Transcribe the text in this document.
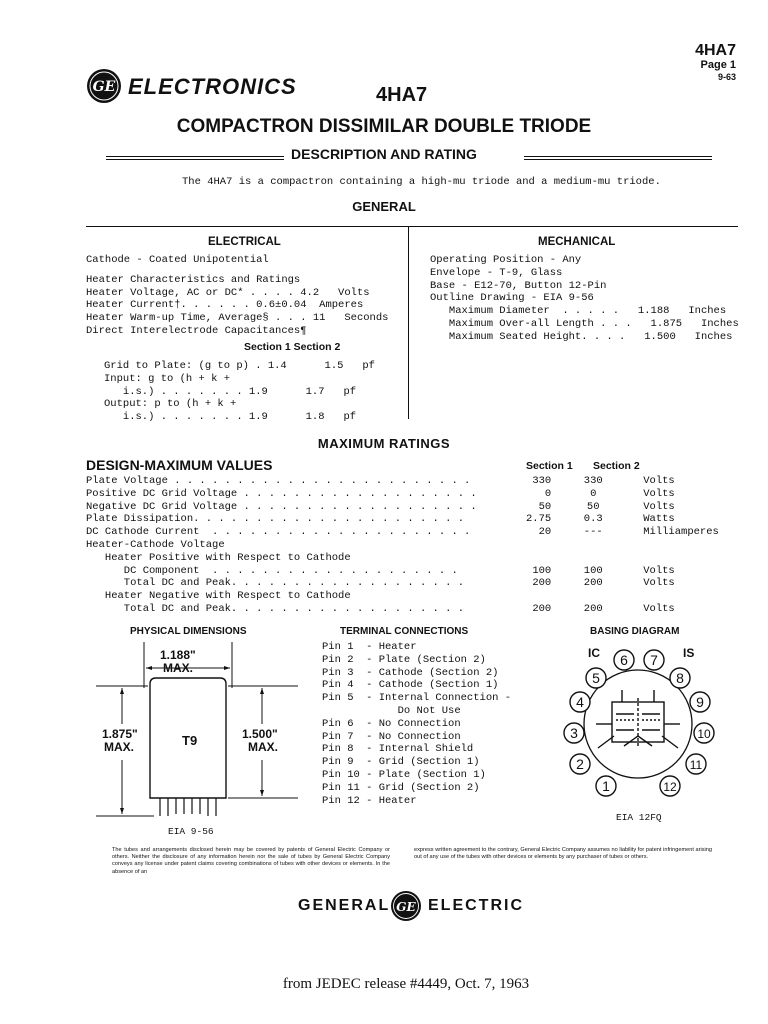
4HA7
Page 1
9-63
GE ELECTRONICS	4HA7
COMPACTRON DISSIMILAR DOUBLE TRIODE
DESCRIPTION AND RATING
The 4HA7 is a compactron containing a high-mu triode and a medium-mu triode.
GENERAL
ELECTRICAL
Cathode - Coated Unipotential
Heater Characteristics and Ratings
Heater Voltage, AC or DC* . . . . 4.2   Volts
Heater Current†. . . . . . 0.6±0.04  Amperes
Heater Warm-up Time, Average§ . . . 11   Seconds
Direct Interelectrode Capacitances¶
Section 1 Section 2
Grid to Plate: (g to p) . 1.4      1.5   pf
Input: g to (h + k +
i.s.) . . . . . . . 1.9      1.7   pf
Output: p to (h + k +
i.s.) . . . . . . . 1.9      1.8   pf
MECHANICAL
Operating Position - Any
Envelope - T-9, Glass
Base - E12-70, Button 12-Pin
Outline Drawing - EIA 9-56
Maximum Diameter  . . . . .   1.188   Inches
Maximum Over-all Length . . .   1.875   Inches
Maximum Seated Height. . . .   1.500   Inches
MAXIMUM RATINGS
DESIGN-MAXIMUM VALUES	Section 1 Section 2
Plate Voltage . . . . . . . . . . . . . . . . . . . . . . . .	330	330	Volts
Positive DC Grid Voltage . . . . . . . . . . . . . . . . . . .	0	0	Volts
Negative DC Grid Voltage . . . . . . . . . . . . . . . . . . .	50	50	Volts
Plate Dissipation. . . . . . . . . . . . . . . . . . . . . .	2.75	0.3	Watts
DC Cathode Current  . . . . . . . . . . . . . . . . . . . . .	20	---	Milliamperes
Heater-Cathode Voltage			
Heater Positive with Respect to Cathode			
DC Component  . . . . . . . . . . . . . . . . . . . .	100	100	Volts
Total DC and Peak. . . . . . . . . . . . . . . . . . .	200	200	Volts
Heater Negative with Respect to Cathode			
Total DC and Peak. . . . . . . . . . . . . . . . . . .	200	200	Volts
PHYSICAL DIMENSIONS
1.188"
MAX.
1.875"
MAX.	T9	1.500"
MAX.
EIA 9-56
TERMINAL CONNECTIONS
Pin 1  - Heater
Pin 2  - Plate (Section 2)
Pin 3  - Cathode (Section 2)
Pin 4  - Cathode (Section 1)
Pin 5  - Internal Connection -
Do Not Use
Pin 6  - No Connection
Pin 7  - No Connection
Pin 8  - Internal Shield
Pin 9  - Grid (Section 1)
Pin 10 - Plate (Section 1)
Pin 11 - Grid (Section 2)
Pin 12 - Heater
BASING DIAGRAM
1
2
3
4
5
6 7
8
9
10
11
12
IC	IS
EIA 12FQ
The tubes and arrangements disclosed herein may be covered by patents of General Electric Company or others. Neither the disclosure of any information herein nor the sale of tubes by General Electric Company conveys any license under patent claims covering combinations of tubes with other devices or elements. In the absence of an
express written agreement to the contrary, General Electric Company assumes no liability for patent infringement arising out of any use of the tubes with other devices or elements by any purchaser of tubes or others.
GENERAL GE ELECTRIC
from JEDEC release #4449, Oct. 7, 1963
